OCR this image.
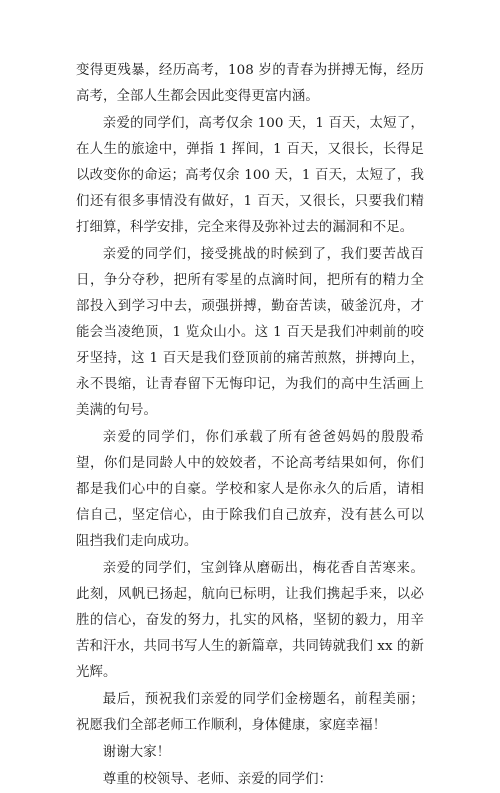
变得更残暴，经历高考，108 岁的青春为拼搏无悔，经历高考，全部人生都会因此变得更富内涵。

亲爱的同学们，高考仅余 100 天，1 百天，太短了，在人生的旅途中，弹指 1 挥间，1 百天，又很长，长得足以改变你的命运；高考仅余 100 天，1 百天，太短了，我们还有很多事情没有做好，1 百天，又很长，只要我们精打细算，科学安排，完全来得及弥补过去的漏洞和不足。

亲爱的同学们，接受挑战的时候到了，我们要苦战百日，争分夺秒，把所有零星的点滴时间，把所有的精力全部投入到学习中去，顽强拼搏，勤奋苦读，破釜沉舟，才能会当凌绝顶，1 览众山小。这 1 百天是我们冲刺前的咬牙坚持，这 1 百天是我们登顶前的痛苦煎熬，拼搏向上，永不畏缩，让青春留下无悔印记，为我们的高中生活画上美满的句号。

亲爱的同学们，你们承载了所有爸爸妈妈的殷殷希望，你们是同龄人中的姣姣者，不论高考结果如何，你们都是我们心中的自豪。学校和家人是你永久的后盾，请相信自己，坚定信心，由于除我们自己放弃，没有甚么可以阻挡我们走向成功。

亲爱的同学们，宝剑锋从磨砺出，梅花香自苦寒来。此刻，风帆已扬起，航向已标明，让我们携起手来，以必胜的信心，奋发的努力，扎实的风格，坚韧的毅力，用辛苦和汗水，共同书写人生的新篇章，共同铸就我们 xx 的新光辉。

最后，预祝我们亲爱的同学们金榜题名，前程美丽；祝愿我们全部老师工作顺利，身体健康，家庭幸福！

谢谢大家！

尊重的校领导、老师、亲爱的同学们：
